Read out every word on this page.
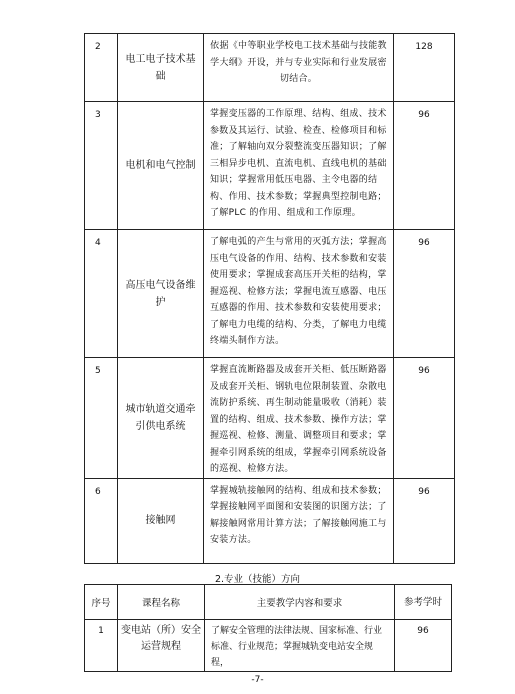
2	电工电子技术基础	依据《中等职业学校电工技术基础与技能教学大纲》开设，并与专业实际和行业发展密切结合。	128
3	电机和电气控制	掌握变压器的工作原理、结构、组成、技术参数及其运行、试验、检查、检修项目和标准；了解轴向双分裂整流变压器知识；了解三相异步电机、直流电机、直线电机的基础知识；掌握常用低压电器、主令电器的结构、作用、技术参数；掌握典型控制电路；了解PLC 的作用、组成和工作原理。	96
4	高压电气设备维护	了解电弧的产生与常用的灭弧方法；掌握高压电气设备的作用、结构、技术参数和安装使用要求；掌握成套高压开关柜的结构，掌握巡视、检修方法；掌握电流互感器、电压互感器的作用、技术参数和安装使用要求；了解电力电缆的结构、分类，了解电力电缆终端头制作方法。	96
5	城市轨道交通牵引供电系统	掌握直流断路器及成套开关柜、低压断路器及成套开关柜、钢轨电位限制装置、杂散电流防护系统、再生制动能量吸收（消耗）装置的结构、组成、技术参数、操作方法；掌握巡视、检修、测量、调整项目和要求；掌握牵引网系统的组成，掌握牵引网系统设备的巡视、检修方法。	96
6	接触网	掌握城轨接触网的结构、组成和技术参数；掌握接触网平面图和安装图的识图方法；了解接触网常用计算方法；了解接触网施工与安装方法。	96
2.专业（技能）方向
序号	课程名称	主要教学内容和要求	参考学时
1	变电站（所）安全运营规程	了解安全管理的法律法规、国家标准、行业标准、行业规范；掌握城轨变电站安全规程，	96
-7-
